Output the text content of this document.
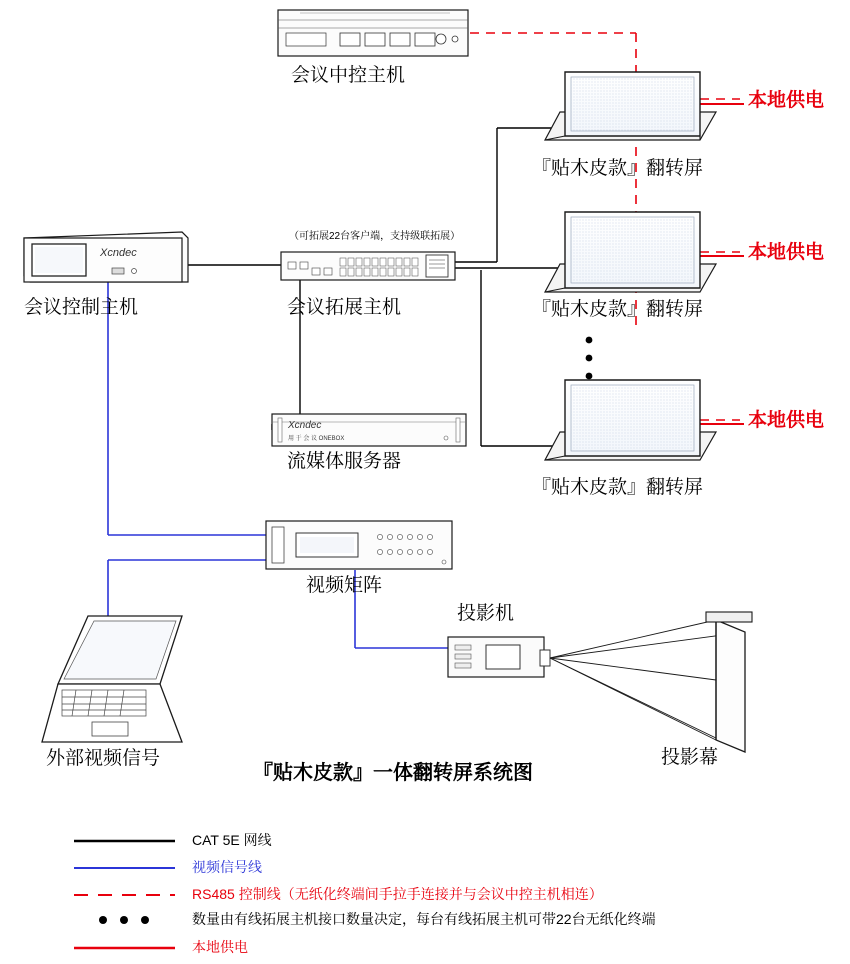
会议中控主机
会议控制主机
Xcndec
（可拓展22台客户端，支持级联拓展）
会议拓展主机
Xcndec
用 于 会 议 ONEBOX
流媒体服务器
视频矩阵
投影机
投影幕
外部视频信号
『贴木皮款』翻转屏
『贴木皮款』翻转屏
『贴木皮款』翻转屏
本地供电
本地供电
本地供电
『贴木皮款』一体翻转屏系统图
CAT 5E 网线
视频信号线
RS485 控制线（无纸化终端间手拉手连接并与会议中控主机相连）
数量由有线拓展主机接口数量决定，每台有线拓展主机可带22台无纸化终端
本地供电
